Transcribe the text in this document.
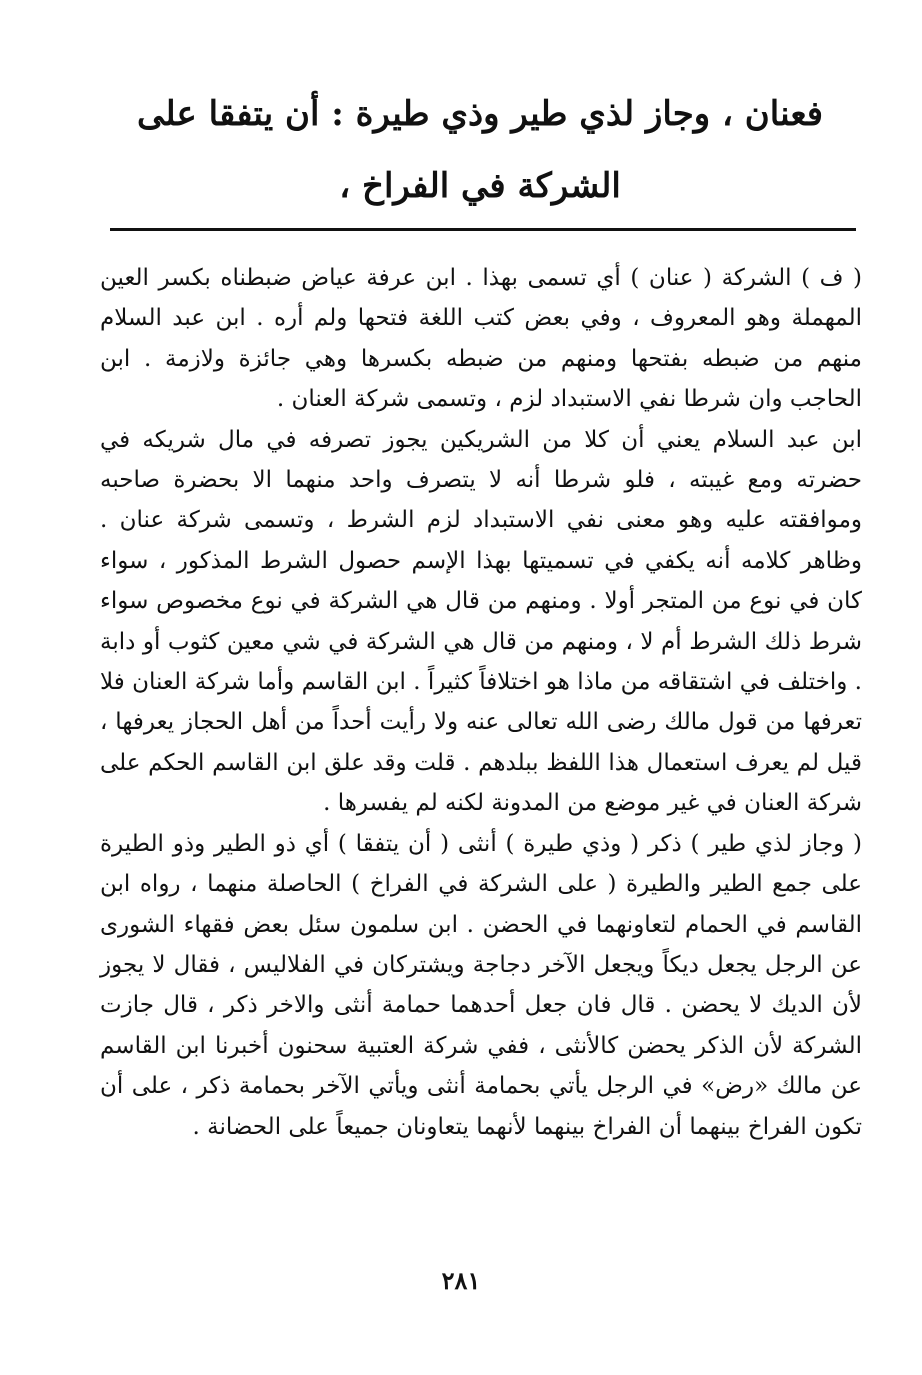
فعنان ، وجاز لذي طير وذي طيرة : أن يتفقا على الشركة في الفراخ ،

( ف ) الشركة ( عنان ) أي تسمى بهذا . ابن عرفة عياض ضبطناه بكسر العين المهملة وهو المعروف ، وفي بعض كتب اللغة فتحها ولم أره . ابن عبد السلام منهم من ضبطه بفتحها ومنهم من ضبطه بكسرها وهي جائزة ولازمة . ابن الحاجب وان شرطا نفي الاستبداد لزم ، وتسمى شركة العنان .

ابن عبد السلام يعني أن كلا من الشريكين يجوز تصرفه في مال شريكه في حضرته ومع غيبته ، فلو شرطا أنه لا يتصرف واحد منهما الا بحضرة صاحبه وموافقته عليه وهو معنى نفي الاستبداد لزم الشرط ، وتسمى شركة عنان . وظاهر كلامه أنه يكفي في تسميتها بهذا الإسم حصول الشرط المذكور ، سواء كان في نوع من المتجر أولا . ومنهم من قال هي الشركة في نوع مخصوص سواء شرط ذلك الشرط أم لا ، ومنهم من قال هي الشركة في شي معين كثوب أو دابة . واختلف في اشتقاقه من ماذا هو اختلافاً كثيراً . ابن القاسم وأما شركة العنان فلا تعرفها من قول مالك رضى الله تعالى عنه ولا رأيت أحداً من أهل الحجاز يعرفها ، قيل لم يعرف استعمال هذا اللفظ ببلدهم . قلت وقد علق ابن القاسم الحكم على شركة العنان في غير موضع من المدونة لكنه لم يفسرها .

( وجاز لذي طير ) ذكر ( وذي طيرة ) أنثى ( أن يتفقا ) أي ذو الطير وذو الطيرة على جمع الطير والطيرة ( على الشركة في الفراخ ) الحاصلة منهما ، رواه ابن القاسم في الحمام لتعاونهما في الحضن . ابن سلمون سئل بعض فقهاء الشورى عن الرجل يجعل ديكاً ويجعل الآخر دجاجة ويشتركان في الفلاليس ، فقال لا يجوز لأن الديك لا يحضن . قال فان جعل أحدهما حمامة أنثى والاخر ذكر ، قال جازت الشركة لأن الذكر يحضن كالأنثى ، ففي شركة العتبية سحنون أخبرنا ابن القاسم عن مالك «رض» في الرجل يأتي بحمامة أنثى ويأتي الآخر بحمامة ذكر ، على أن تكون الفراخ بينهما أن الفراخ بينهما لأنهما يتعاونان جميعاً على الحضانة .

٢٨١
